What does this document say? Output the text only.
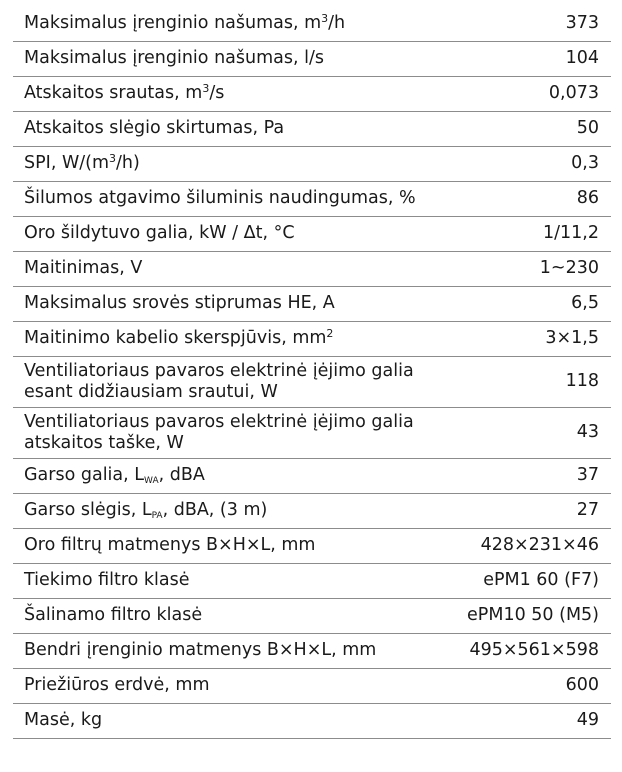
Maksimalus įrenginio našumas, $m^3/h$	373
Maksimalus įrenginio našumas, l/s	104
Atskaitos srautas, $m^3/s$	0,073
Atskaitos slėgio skirtumas, Pa	50
SPI, $W/(m^3/h)$	0,3
Šilumos atgavimo šiluminis naudingumas, %	86
Oro šildytuvo galia, kW / Δt, °C	1/11,2
Maitinimas, V	1~230
Maksimalus srovės stiprumas HE, A	6,5
Maitinimo kabelio skerspjūvis, $mm^2$	3×1,5
Ventiliatoriaus pavaros elektrinė įėjimo galia esant didžiausiam srautui, W	118
Ventiliatoriaus pavaros elektrinė įėjimo galia atskaitos taške, W	43
Garso galia, $L_{WA}$, dBA	37
Garso slėgis, $L_{PA}$, dBA, (3 m)	27
Oro filtrų matmenys B×H×L, mm	428×231×46
Tiekimo filtro klasė	ePM1 60 (F7)
Šalinamo filtro klasė	ePM10 50 (M5)
Bendri įrenginio matmenys B×H×L, mm	495×561×598
Priežiūros erdvė, mm	600
Masė, kg	49
